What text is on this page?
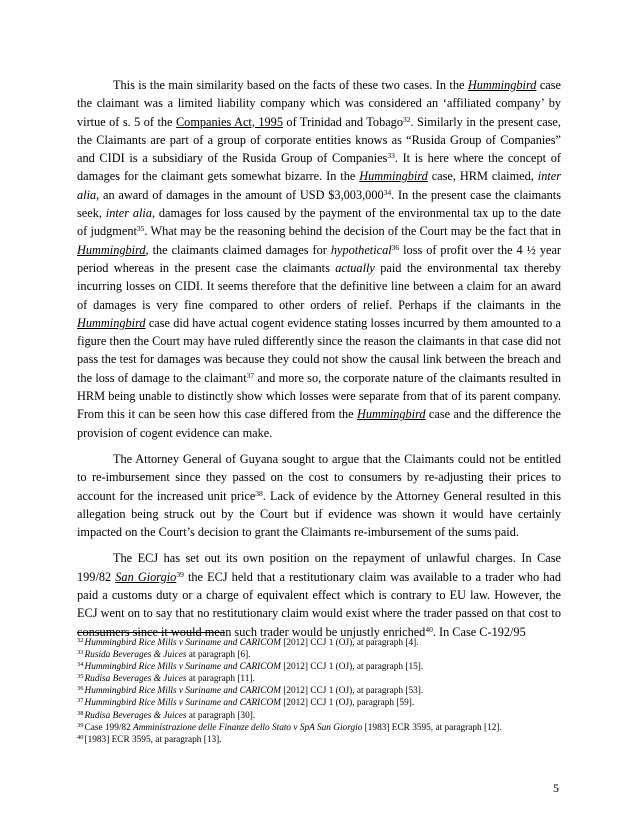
This is the main similarity based on the facts of these two cases. In the Hummingbird case the claimant was a limited liability company which was considered an ‘affiliated company’ by virtue of s. 5 of the Companies Act, 1995 of Trinidad and Tobago$^{32}$. Similarly in the present case, the Claimants are part of a group of corporate entities knows as “Rusida Group of Companies” and CIDI is a subsidiary of the Rusida Group of Companies$^{33}$. It is here where the concept of damages for the claimant gets somewhat bizarre. In the Hummingbird case, HRM claimed, inter alia, an award of damages in the amount of USD $3,003,000$^{34}$. In the present case the claimants seek, inter alia, damages for loss caused by the payment of the environmental tax up to the date of judgment$^{35}$. What may be the reasoning behind the decision of the Court may be the fact that in Hummingbird, the claimants claimed damages for hypothetical$^{36}$ loss of profit over the 4 ½ year period whereas in the present case the claimants actually paid the environmental tax thereby incurring losses on CIDI. It seems therefore that the definitive line between a claim for an award of damages is very fine compared to other orders of relief. Perhaps if the claimants in the Hummingbird case did have actual cogent evidence stating losses incurred by them amounted to a figure then the Court may have ruled differently since the reason the claimants in that case did not pass the test for damages was because they could not show the causal link between the breach and the loss of damage to the claimant$^{37}$ and more so, the corporate nature of the claimants resulted in HRM being unable to distinctly show which losses were separate from that of its parent company. From this it can be seen how this case differed from the Hummingbird case and the difference the provision of cogent evidence can make.

The Attorney General of Guyana sought to argue that the Claimants could not be entitled to re-imbursement since they passed on the cost to consumers by re-adjusting their prices to account for the increased unit price$^{38}$. Lack of evidence by the Attorney General resulted in this allegation being struck out by the Court but if evidence was shown it would have certainly impacted on the Court’s decision to grant the Claimants re-imbursement of the sums paid.

The ECJ has set out its own position on the repayment of unlawful charges. In Case 199/82 San Giorgio$^{39}$ the ECJ held that a restitutionary claim was available to a trader who had paid a customs duty or a charge of equivalent effect which is contrary to EU law. However, the ECJ went on to say that no restitutionary claim would exist where the trader passed on that cost to consumers since it would mean such trader would be unjustly enriched$^{40}$. In Case C-192/95

$^{32}$Hummingbird Rice Mills v Suriname and CARICOM [2012] CCJ 1 (OJ), at paragraph [4].
$^{33}$Rusida Beverages & Juices at paragraph [6].
$^{34}$Hummingbird Rice Mills v Suriname and CARICOM [2012] CCJ 1 (OJ), at paragraph [15].
$^{35}$Rudisa Beverages & Juices at paragraph [11].
$^{36}$Hummingbird Rice Mills v Suriname and CARICOM [2012] CCJ 1 (OJ), at paragraph [53].
$^{37}$Hummingbird Rice Mills v Suriname and CARICOM [2012] CCJ 1 (OJ), paragraph [59].
$^{38}$Rudisa Beverages & Juices at paragraph [30].
$^{39}$Case 199/82 Amministrazione delle Finanze dello Stato v SpA San Giorgio [1983] ECR 3595, at paragraph [12].
$^{40}$[1983] ECR 3595, at paragraph [13].
5
